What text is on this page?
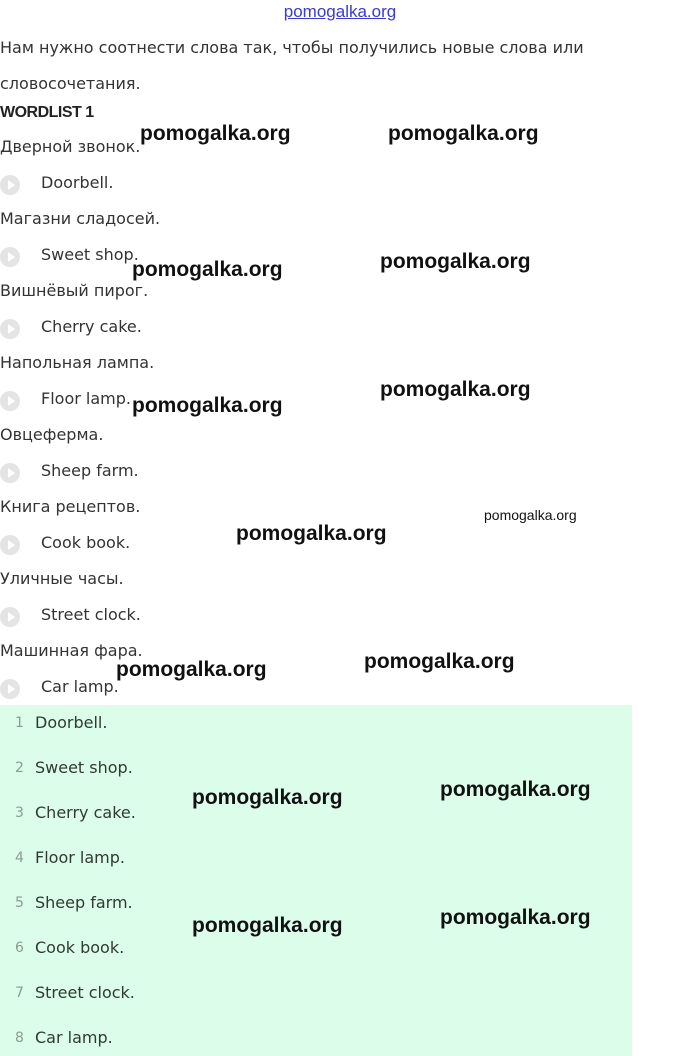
pomogalka.org
Нам нужно соотнести слова так, чтобы получились новые слова или словосочетания.
WORDLIST 1
Дверной звонок.
Doorbell.
Магазни сладосей.
Sweet shop.
Вишнёвый пирог.
Cherry cake.
Напольная лампа.
Floor lamp.
Овцеферма.
Sheep farm.
Книга рецептов.
Cook book.
Уличные часы.
Street clock.
Машинная фара.
Car lamp.
1 Doorbell.
2 Sweet shop.
3 Cherry cake.
4 Floor lamp.
5 Sheep farm.
6 Cook book.
7 Street clock.
8 Car lamp.
pomogalka.org	pomogalka.org
pomogalka.org	pomogalka.org
pomogalka.org
pomogalka.org
pomogalka.org
pomogalka.org
pomogalka.org
pomogalka.org
pomogalka.org
pomogalka.org
pomogalka.org
pomogalka.org
